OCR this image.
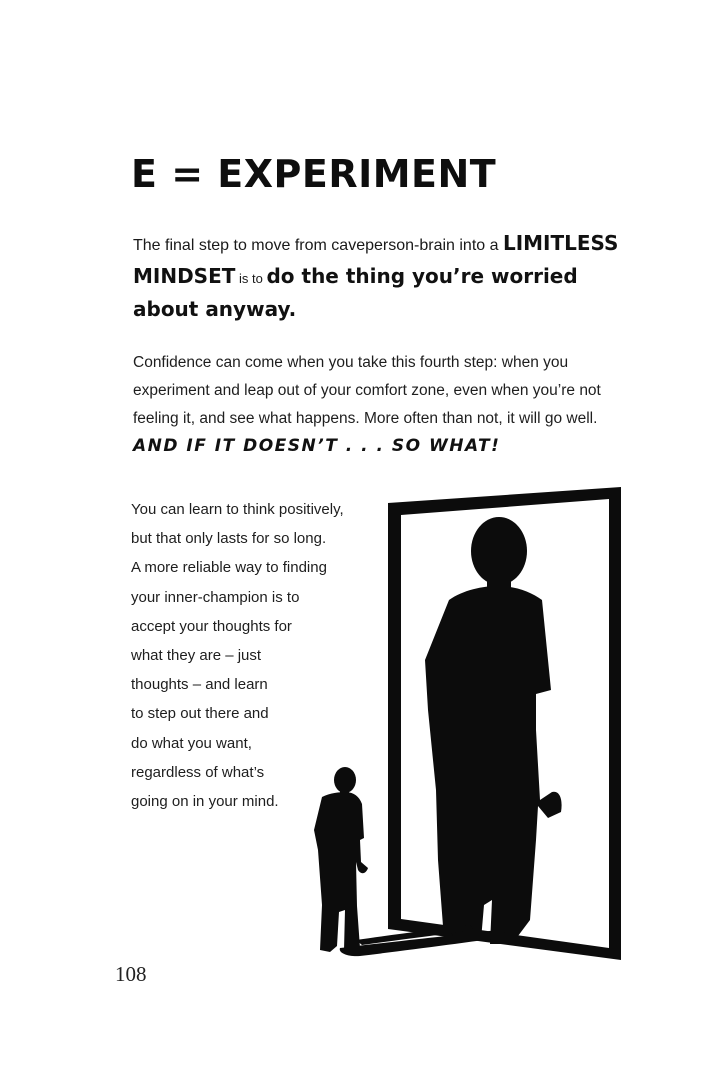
E = EXPERIMENT

The final step to move from caveperson-brain into a LIMITLESS MINDSET is to do the thing you’re worried about anyway.

Confidence can come when you take this fourth step: when you experiment and leap out of your comfort zone, even when you’re not feeling it, and see what happens. More often than not, it will go well.

AND IF IT DOESN’T . . . SO WHAT!

You can learn to think positively,
but that only lasts for so long.
A more reliable way to finding
your inner-champion is to
accept your thoughts for
what they are – just
thoughts – and learn
to step out there and
do what you want,
regardless of what’s
going on in your mind.

108
